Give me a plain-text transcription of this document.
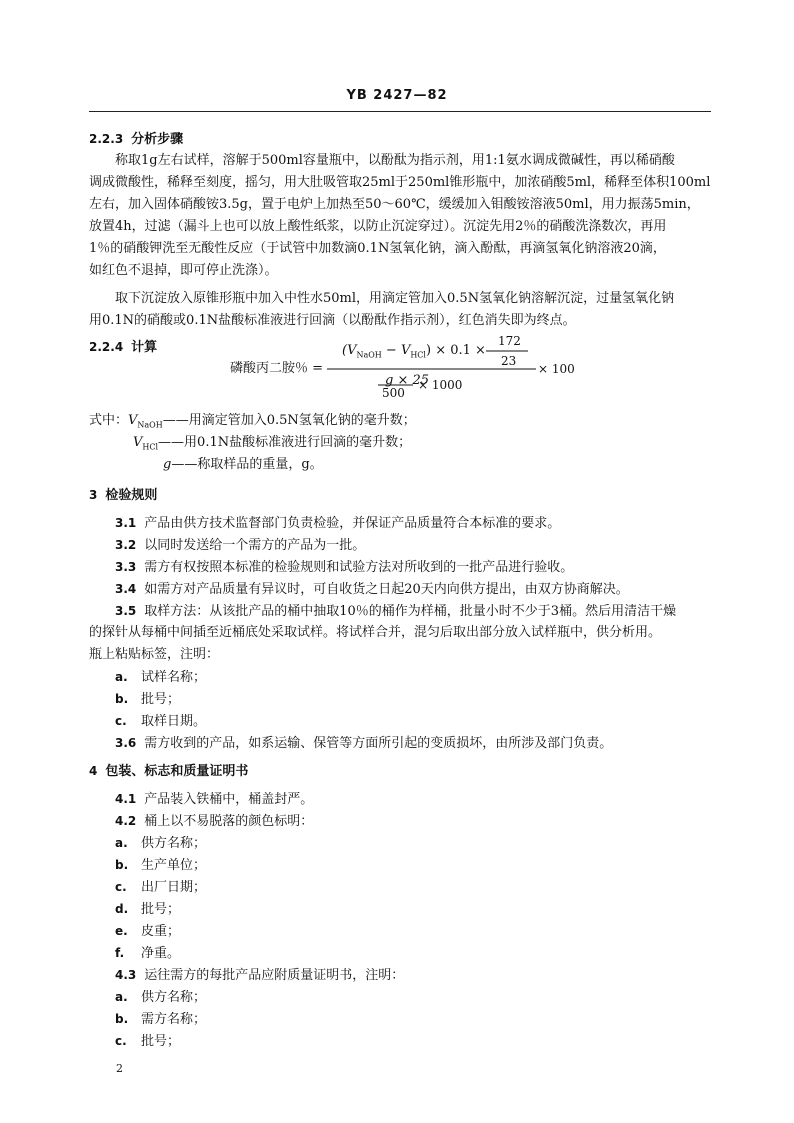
YB 2427—82
2.2.3 分析步骤
称取1g左右试样，溶解于500ml容量瓶中，以酚酞为指示剂，用1:1氨水调成微碱性，再以稀硝酸
调成微酸性，稀释至刻度，摇匀，用大肚吸管取25ml于250ml锥形瓶中，加浓硝酸5ml，稀释至体积100ml
左右，加入固体硝酸铵3.5g，置于电炉上加热至50～60℃，缓缓加入钼酸铵溶液50ml，用力振荡5min，
放置4h，过滤（漏斗上也可以放上酸性纸浆，以防止沉淀穿过）。沉淀先用2％的硝酸洗涤数次，再用
1％的硝酸钾洗至无酸性反应（于试管中加数滴0.1N氢氧化钠，滴入酚酞，再滴氢氧化钠溶液20滴，
如红色不退掉，即可停止洗涤）。
取下沉淀放入原锥形瓶中加入中性水50ml，用滴定管加入0.5N氢氧化钠溶解沉淀，过量氢氧化钠
用0.1N的硝酸或0.1N盐酸标准液进行回滴（以酚酞作指示剂），红色消失即为终点。
2.2.4 计算
磷酸丙二胺％ =
$(V_{NaOH} - V_{HCl}) \times 0.1$ ×
172
23
g × 25
500
× 1000
× 100
式中：$V_{NaOH}——$用滴定管加入0.5N氢氧化钠的毫升数；
$V_{HCl}——$用0.1N盐酸标准液进行回滴的毫升数；
g——称取样品的重量，g。
3 检验规则
3.1 产品由供方技术监督部门负责检验，并保证产品质量符合本标准的要求。
3.2 以同时发送给一个需方的产品为一批。
3.3 需方有权按照本标准的检验规则和试验方法对所收到的一批产品进行验收。
3.4 如需方对产品质量有异议时，可自收货之日起20天内向供方提出，由双方协商解决。
3.5 取样方法：从该批产品的桶中抽取10％的桶作为样桶，批量小时不少于3桶。然后用清洁干燥
的探针从每桶中间插至近桶底处采取试样。将试样合并，混匀后取出部分放入试样瓶中，供分析用。
瓶上粘贴标签，注明：
a. 试样名称；
b. 批号；
c. 取样日期。
3.6 需方收到的产品，如系运输、保管等方面所引起的变质损坏，由所涉及部门负责。
4 包装、标志和质量证明书
4.1 产品装入铁桶中，桶盖封严。
4.2 桶上以不易脱落的颜色标明：
a. 供方名称；
b. 生产单位；
c. 出厂日期；
d. 批号；
e. 皮重；
f. 净重。
4.3 运往需方的每批产品应附质量证明书，注明：
a. 供方名称；
b. 需方名称；
c. 批号；
2
